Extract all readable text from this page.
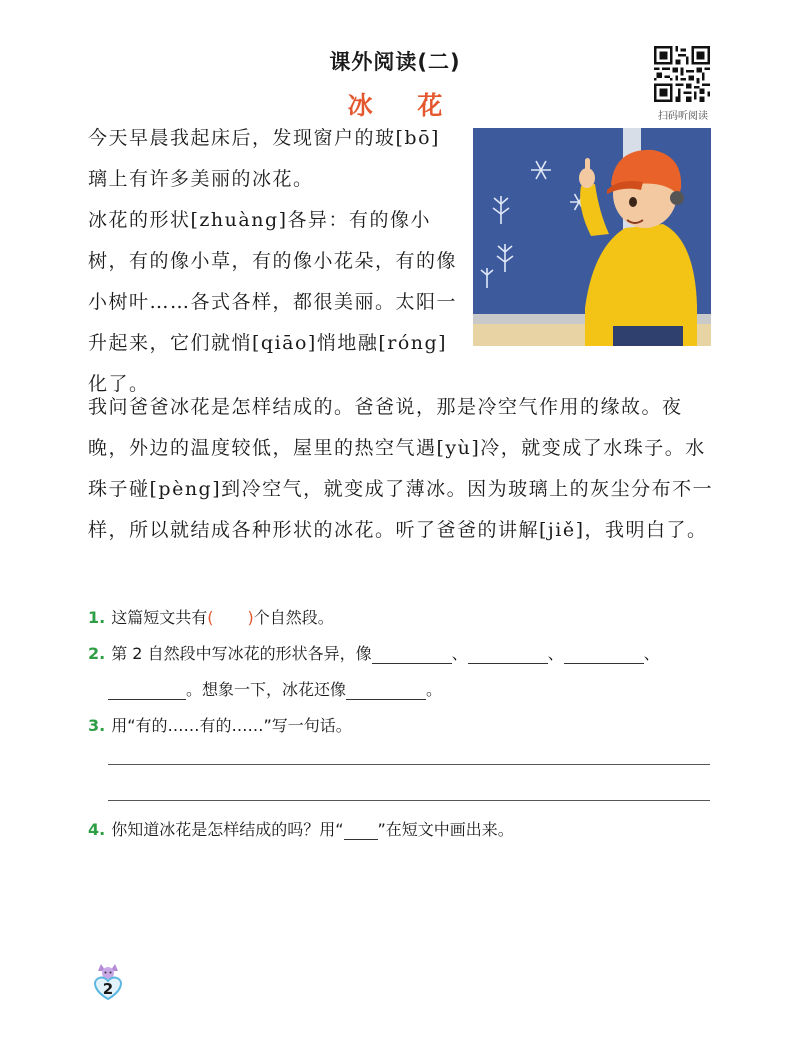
课外阅读(二)
冰 花	扫码听阅读

今天早晨我起床后，发现窗户的玻[bō]璃上有许多美丽的冰花。

冰花的形状[zhuàng]各异：有的像小树，有的像小草，有的像小花朵，有的像小树叶……各式各样，都很美丽。太阳一升起来，它们就悄[qiāo]悄地融[róng]化了。

我问爸爸冰花是怎样结成的。爸爸说，那是冷空气作用的缘故。夜晚，外边的温度较低，屋里的热空气遇[yù]冷，就变成了水珠子。水珠子碰[pèng]到冷空气，就变成了薄冰。因为玻璃上的灰尘分布不一样，所以就结成各种形状的冰花。听了爸爸的讲解[jiě]，我明白了。

1. 这篇短文共有( )个自然段。
2. 第 2 自然段中写冰花的形状各异，像	、	、	、
。想象一下，冰花还像	。
3. 用“有的……有的……”写一句话。
4. 你知道冰花是怎样结成的吗？用“ ”在短文中画出来。
2
